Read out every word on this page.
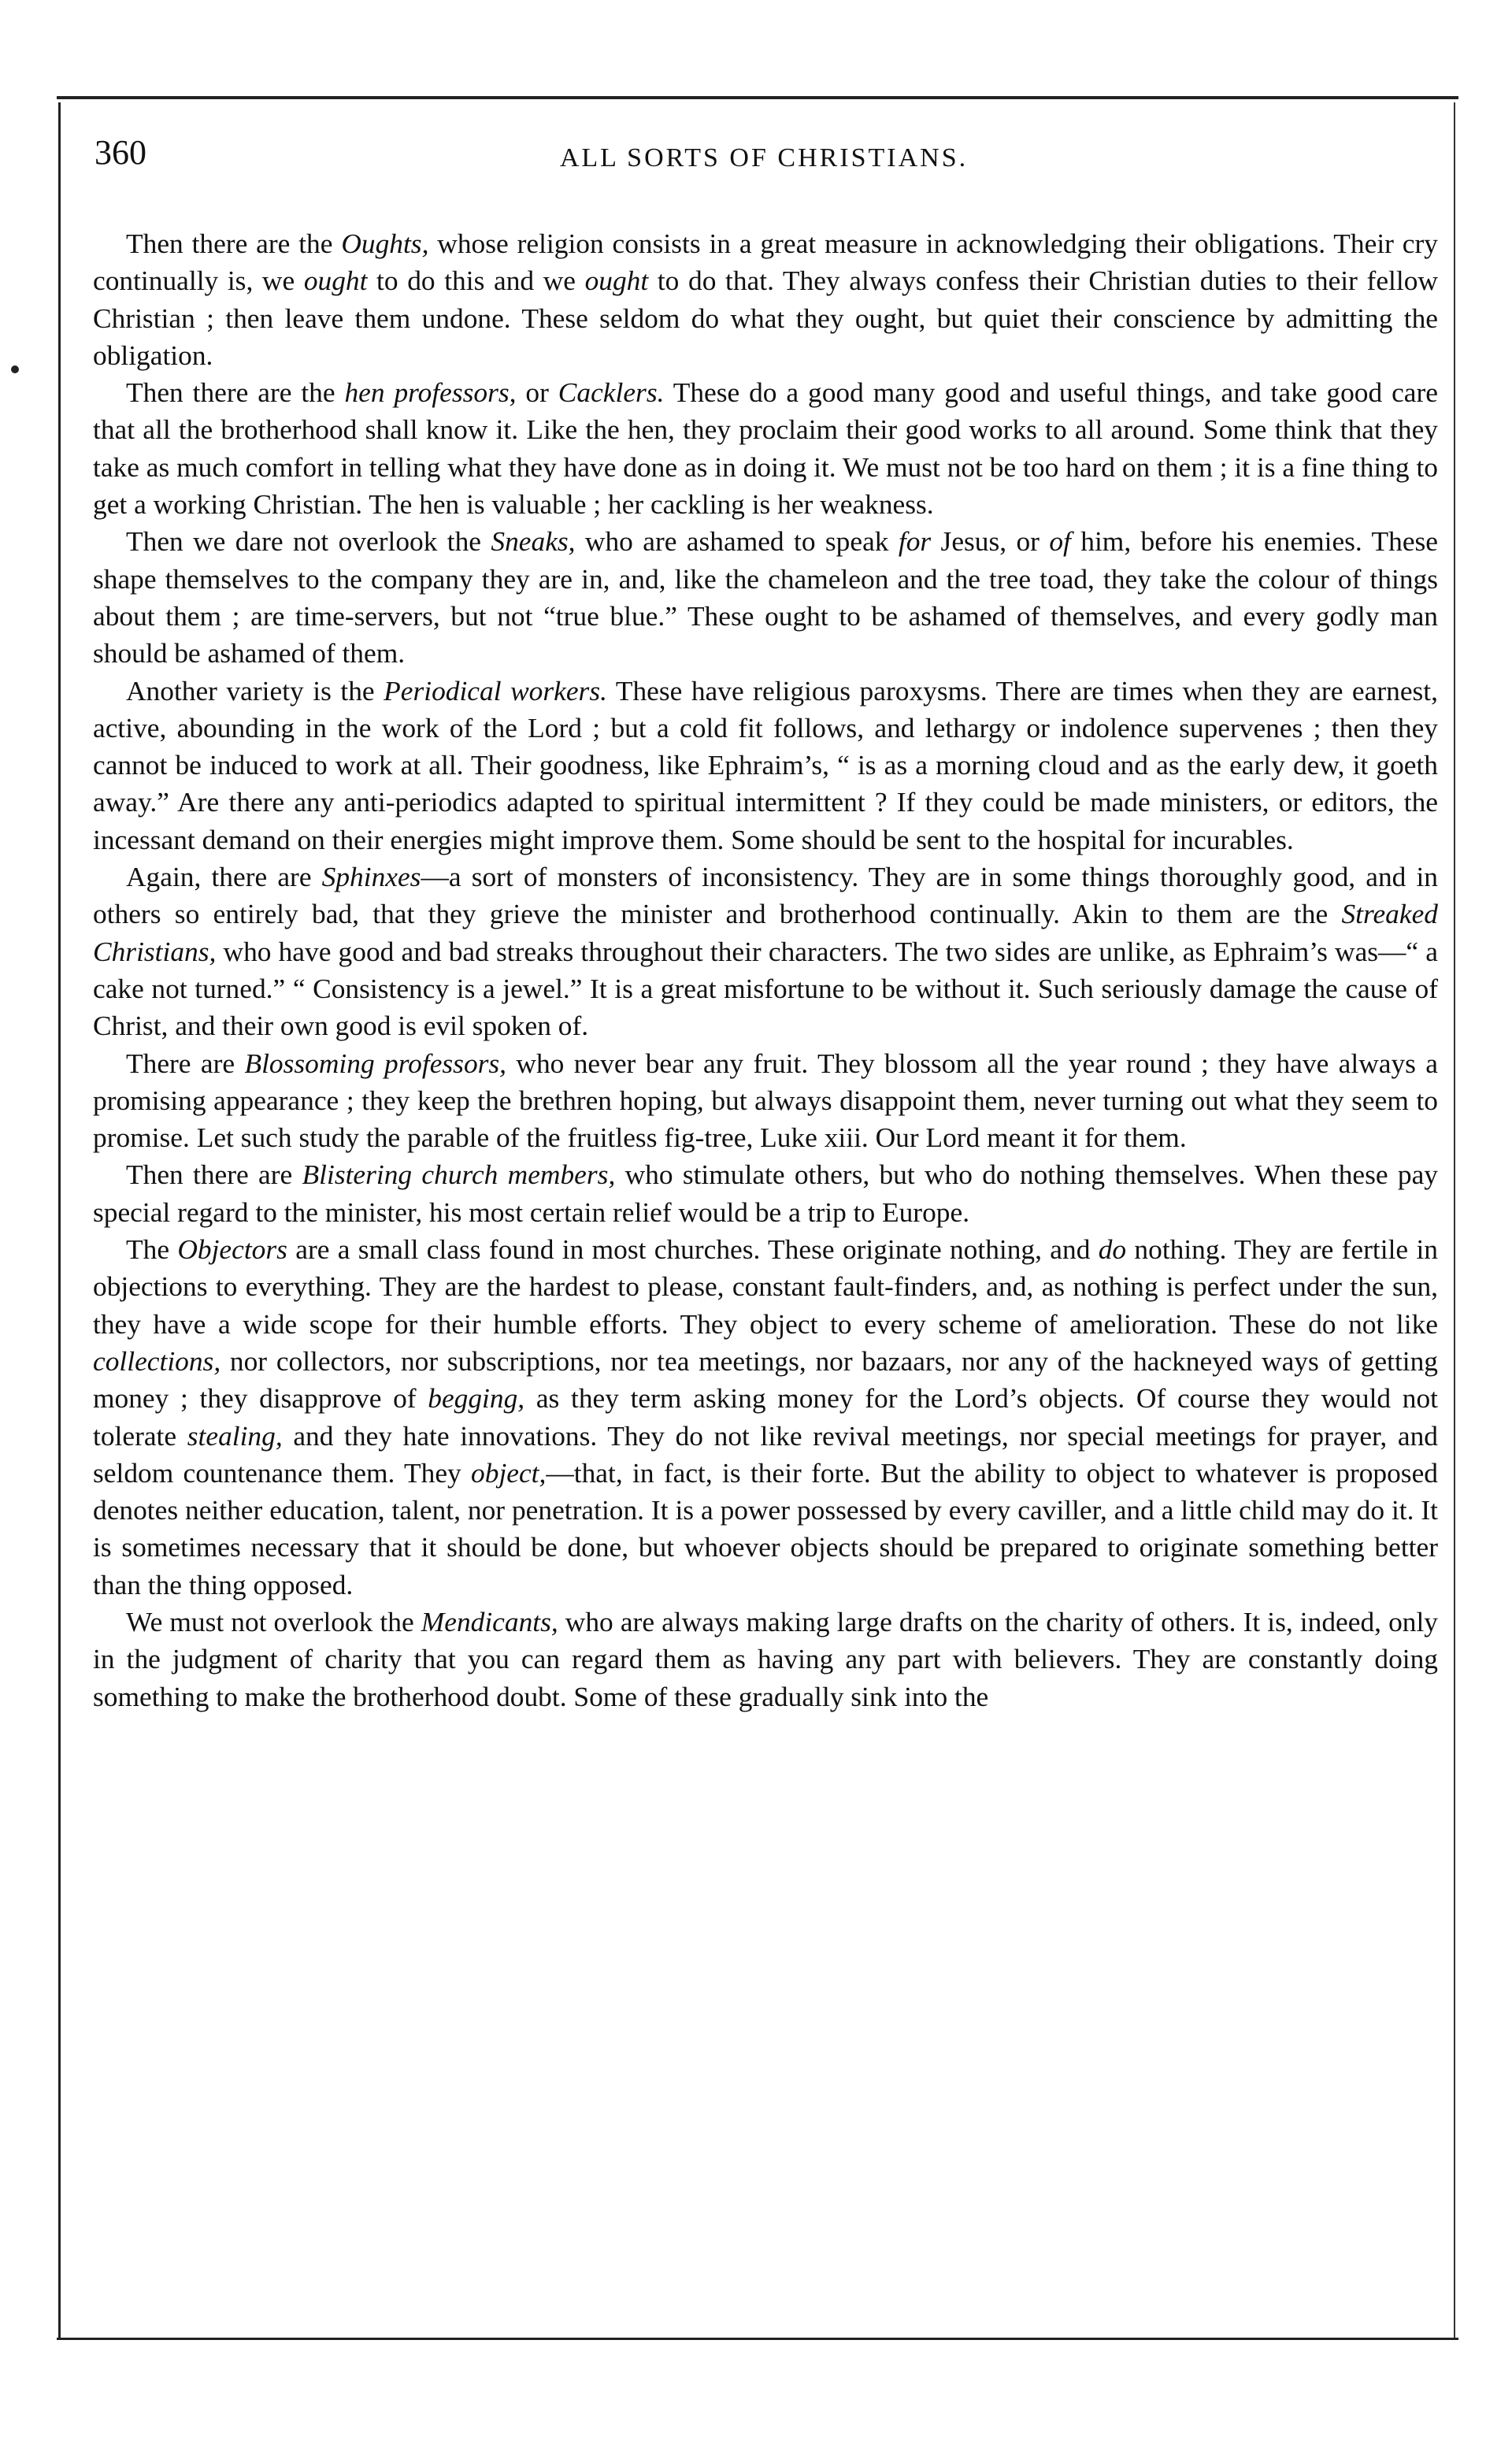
360	ALL SORTS OF CHRISTIANS.

Then there are the Oughts, whose religion consists in a great measure in acknowledging their obligations. Their cry continually is, we ought to do this and we ought to do that. They always confess their Christian duties to their fellow Christian ; then leave them undone. These seldom do what they ought, but quiet their conscience by admitting the obligation.

Then there are the hen professors, or Cacklers. These do a good many good and useful things, and take good care that all the brotherhood shall know it. Like the hen, they proclaim their good works to all around. Some think that they take as much comfort in telling what they have done as in doing it. We must not be too hard on them ; it is a fine thing to get a working Christian. The hen is valuable ; her cackling is her weakness.

Then we dare not overlook the Sneaks, who are ashamed to speak for Jesus, or of him, before his enemies. These shape themselves to the company they are in, and, like the chameleon and the tree toad, they take the colour of things about them ; are time-servers, but not “true blue.” These ought to be ashamed of themselves, and every godly man should be ashamed of them.

Another variety is the Periodical workers. These have religious paroxysms. There are times when they are earnest, active, abounding in the work of the Lord ; but a cold fit follows, and lethargy or indolence supervenes ; then they cannot be induced to work at all. Their goodness, like Ephraim’s, “ is as a morning cloud and as the early dew, it goeth away.” Are there any anti-periodics adapted to spiritual intermittent ? If they could be made ministers, or editors, the incessant demand on their energies might improve them. Some should be sent to the hospital for incurables.

Again, there are Sphinxes—a sort of monsters of inconsistency. They are in some things thoroughly good, and in others so entirely bad, that they grieve the minister and brotherhood continually. Akin to them are the Streaked Christians, who have good and bad streaks throughout their characters. The two sides are unlike, as Ephraim’s was—“ a cake not turned.” “ Consistency is a jewel.” It is a great misfortune to be without it. Such seriously damage the cause of Christ, and their own good is evil spoken of.

There are Blossoming professors, who never bear any fruit. They blossom all the year round ; they have always a promising appearance ; they keep the brethren hoping, but always disappoint them, never turning out what they seem to promise. Let such study the parable of the fruitless fig-tree, Luke xiii. Our Lord meant it for them.

Then there are Blistering church members, who stimulate others, but who do nothing themselves. When these pay special regard to the minister, his most certain relief would be a trip to Europe.

The Objectors are a small class found in most churches. These originate nothing, and do nothing. They are fertile in objections to everything. They are the hardest to please, constant fault-finders, and, as nothing is perfect under the sun, they have a wide scope for their humble efforts. They object to every scheme of amelioration. These do not like collections, nor collectors, nor subscriptions, nor tea meetings, nor bazaars, nor any of the hackneyed ways of getting money ; they disapprove of begging, as they term asking money for the Lord’s objects. Of course they would not tolerate stealing, and they hate innovations. They do not like revival meetings, nor special meetings for prayer, and seldom countenance them. They object,—that, in fact, is their forte. But the ability to object to whatever is proposed denotes neither education, talent, nor penetration. It is a power possessed by every caviller, and a little child may do it. It is sometimes necessary that it should be done, but whoever objects should be prepared to originate something better than the thing opposed.

We must not overlook the Mendicants, who are always making large drafts on the charity of others. It is, indeed, only in the judgment of charity that you can regard them as having any part with believers. They are constantly doing something to make the brotherhood doubt. Some of these gradually sink into the
